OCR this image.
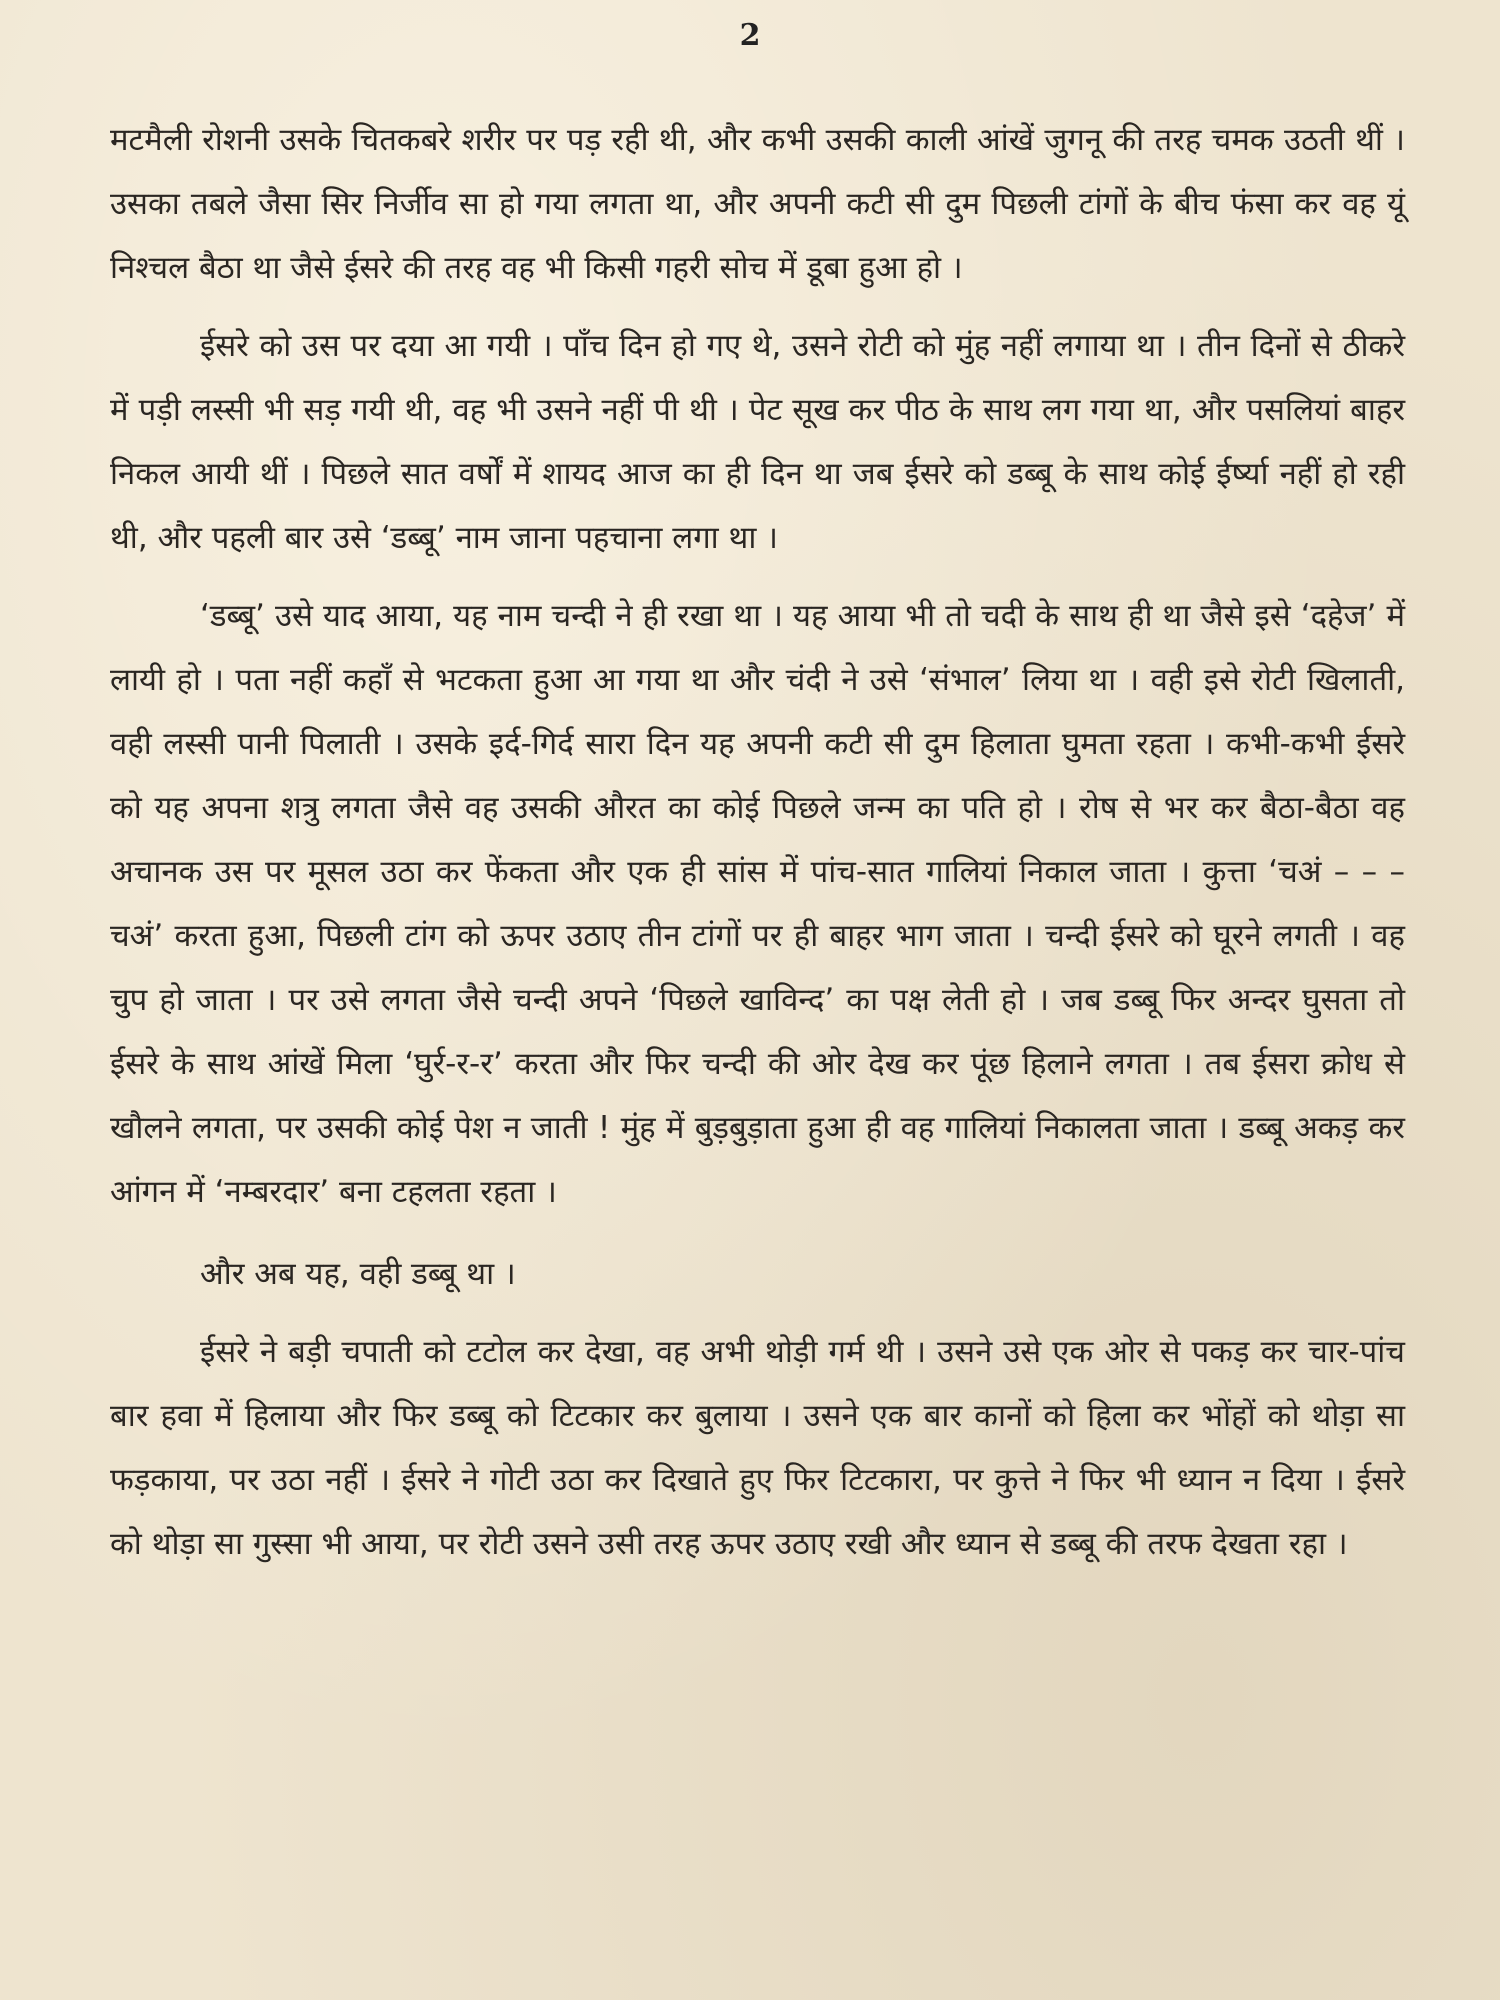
2

मटमैली रोशनी उसके चितकबरे शरीर पर पड़ रही थी, और कभी उसकी काली आंखें जुगनू की तरह चमक उठती थीं । उसका तबले जैसा सिर निर्जीव सा हो गया लगता था, और अपनी कटी सी दुम पिछली टांगों के बीच फंसा कर वह यूं निश्चल बैठा था जैसे ईसरे की तरह वह भी किसी गहरी सोच में डूबा हुआ हो ।

ईसरे को उस पर दया आ गयी । पाँच दिन हो गए थे, उसने रोटी को मुंह नहीं लगाया था । तीन दिनों से ठीकरे में पड़ी लस्सी भी सड़ गयी थी, वह भी उसने नहीं पी थी । पेट सूख कर पीठ के साथ लग गया था, और पसलियां बाहर निकल आयी थीं । पिछले सात वर्षों में शायद आज का ही दिन था जब ईसरे को डब्बू के साथ कोई ईर्ष्या नहीं हो रही थी, और पहली बार उसे ‘डब्बू’ नाम जाना पहचाना लगा था ।

‘डब्बू’ उसे याद आया, यह नाम चन्दी ने ही रखा था । यह आया भी तो चदी के साथ ही था जैसे इसे ‘दहेज’ में लायी हो । पता नहीं कहाँ से भटकता हुआ आ गया था और चंदी ने उसे ‘संभाल’ लिया था । वही इसे रोटी खिलाती, वही लस्सी पानी पिलाती । उसके इर्द-गिर्द सारा दिन यह अपनी कटी सी दुम हिलाता घुमता रहता । कभी-कभी ईसरे को यह अपना शत्रु लगता जैसे वह उसकी औरत का कोई पिछले जन्म का पति हो । रोष से भर कर बैठा-बैठा वह अचानक उस पर मूसल उठा कर फेंकता और एक ही सांस में पांच-सात गालियां निकाल जाता । कुत्ता ‘चअं – – – चअं’ करता हुआ, पिछली टांग को ऊपर उठाए तीन टांगों पर ही बाहर भाग जाता । चन्दी ईसरे को घूरने लगती । वह चुप हो जाता । पर उसे लगता जैसे चन्दी अपने ‘पिछले खाविन्द’ का पक्ष लेती हो । जब डब्बू फिर अन्दर घुसता तो ईसरे के साथ आंखें मिला ‘घुर्र-र-र’ करता और फिर चन्दी की ओर देख कर पूंछ हिलाने लगता । तब ईसरा क्रोध से खौलने लगता, पर उसकी कोई पेश न जाती ! मुंह में बुड़बुड़ाता हुआ ही वह गालियां निकालता जाता । डब्बू अकड़ कर आंगन में ‘नम्बरदार’ बना टहलता रहता ।

और अब यह, वही डब्बू था ।

ईसरे ने बड़ी चपाती को टटोल कर देखा, वह अभी थोड़ी गर्म थी । उसने उसे एक ओर से पकड़ कर चार-पांच बार हवा में हिलाया और फिर डब्बू को टिटकार कर बुलाया । उसने एक बार कानों को हिला कर भोंहों को थोड़ा सा फड़काया, पर उठा नहीं । ईसरे ने गोटी उठा कर दिखाते हुए फिर टिटकारा, पर कुत्ते ने फिर भी ध्यान न दिया । ईसरे को थोड़ा सा गुस्सा भी आया, पर रोटी उसने उसी तरह ऊपर उठाए रखी और ध्यान से डब्बू की तरफ देखता रहा ।
